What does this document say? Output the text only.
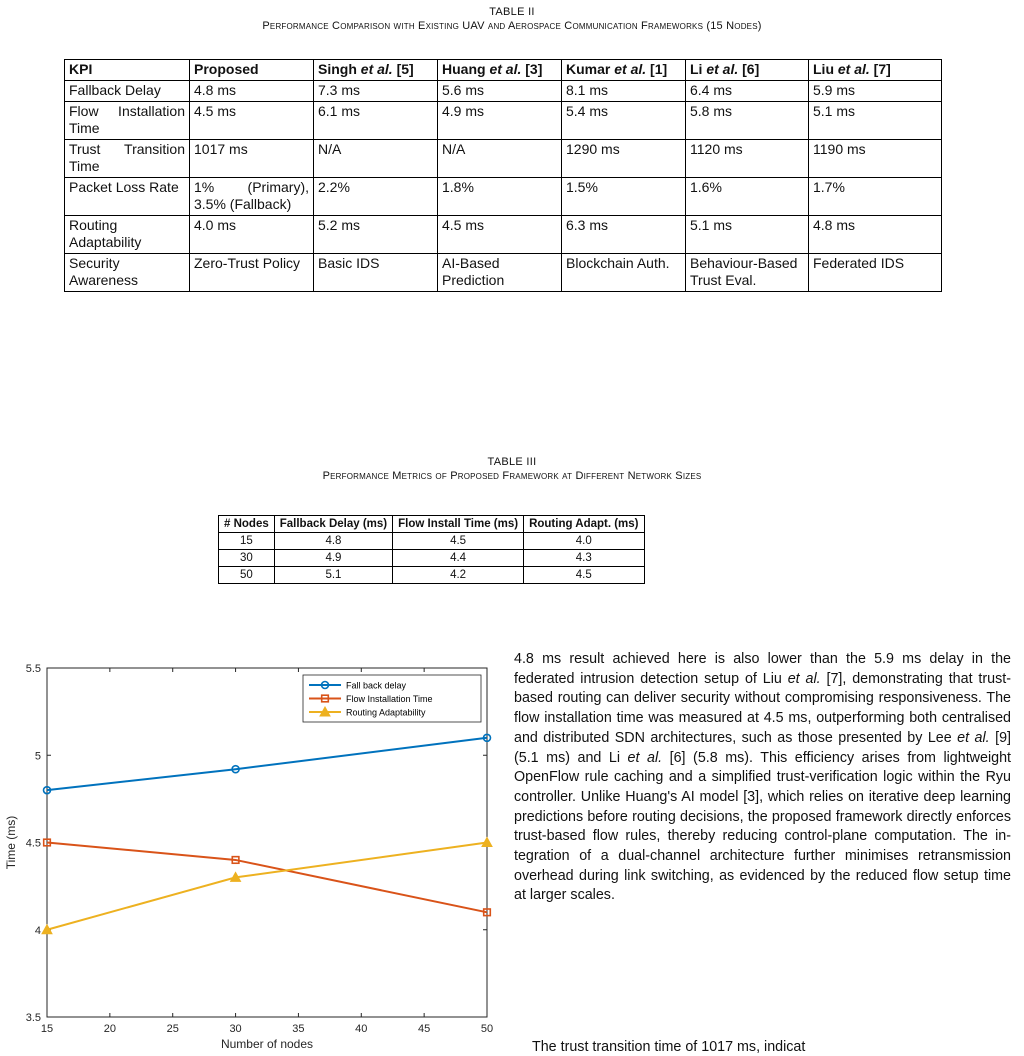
TABLE II
Performance Comparison with Existing UAV and Aerospace Communication Frameworks (15 Nodes)
KPI	Proposed	Singh et al. [5]	Huang et al. [3]	Kumar et al. [1]	Li et al. [6]	Liu et al. [7]
Fallback Delay	4.8 ms	7.3 ms	5.6 ms	8.1 ms	6.4 ms	5.9 ms
Flow Installation Time	4.5 ms	6.1 ms	4.9 ms	5.4 ms	5.8 ms	5.1 ms
Trust Transition Time	1017 ms	N/A	N/A	1290 ms	1120 ms	1190 ms
Packet Loss Rate	1% (Primary), 3.5% (Fallback)	2.2%	1.8%	1.5%	1.6%	1.7%
Routing Adaptability	4.0 ms	5.2 ms	4.5 ms	6.3 ms	5.1 ms	4.8 ms
Security Awareness	Zero-Trust Policy	Basic IDS	AI-Based Prediction	Blockchain Auth.	Behaviour-Based Trust Eval.	Federated IDS
TABLE III
Performance Metrics of Proposed Framework at Different Network Sizes
# Nodes	Fallback Delay (ms)	Flow Install Time (ms)	Routing Adapt. (ms)
15	4.8	4.5	4.0
30	4.9	4.4	4.3
50	5.1	4.2	4.5
15	20	25	30	35	40	45	50
3.5
4
4.5
5
5.5
Number of nodes
Time (ms)
Fall back delay
Flow Installation Time
Routing Adaptability

4.8 ms result achieved here is also lower than the 5.9 ms delay in the federated intrusion detection setup of Liu et al. [7], demonstrating that trust-based routing can deliver security without compromising responsiveness. The flow installation time was measured at 4.5 ms, outperforming both centralised and distributed SDN architectures, such as those presented by Lee et al. [9] (5.1 ms) and Li et al. [6] (5.8 ms). This efficiency arises from lightweight OpenFlow rule caching and a simplified trust-verification logic within the Ryu controller. Unlike Huang's AI model [3], which relies on iterative deep learning predictions before routing decisions, the proposed framework directly enforces trust-based flow rules, thereby reducing control-plane computation. The integration of a dual-channel architecture further minimises retransmission overhead during link switching, as evidenced by the reduced flow setup time at larger scales.

The trust transition time of 1017 ms, indicat
